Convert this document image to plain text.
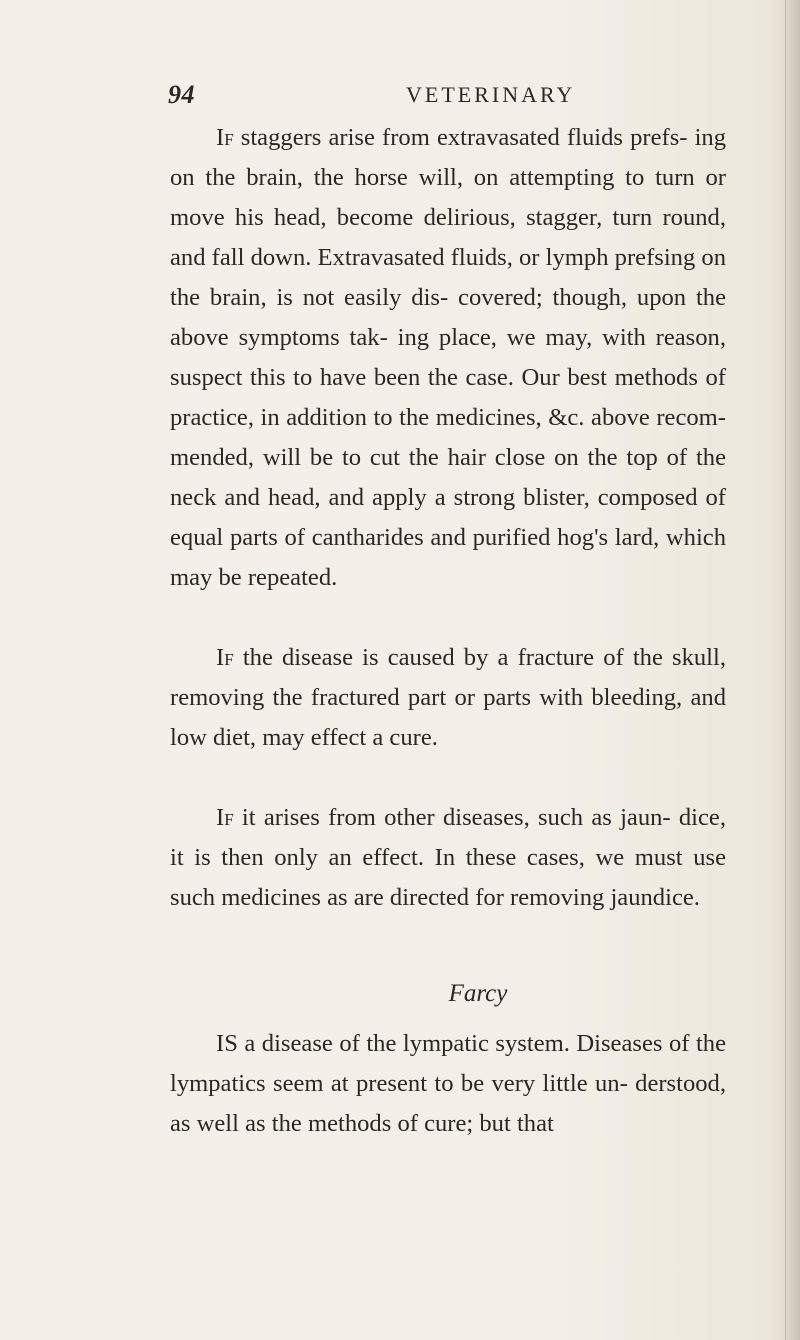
94	VETERINARY

If staggers arise from extravasated fluids prefs- ing on the brain, the horse will, on attempting to turn or move his head, become delirious, stagger, turn round, and fall down. Extravasated fluids, or lymph prefsing on the brain, is not easily dis- covered; though, upon the above symptoms tak- ing place, we may, with reason, suspect this to have been the case. Our best methods of practice, in addition to the medicines, &c. above recom- mended, will be to cut the hair close on the top of the neck and head, and apply a strong blister, composed of equal parts of cantharides and purified hog's lard, which may be repeated.

If the disease is caused by a fracture of the skull, removing the fractured part or parts with bleeding, and low diet, may effect a cure.

If it arises from other diseases, such as jaun- dice, it is then only an effect. In these cases, we must use such medicines as are directed for removing jaundice.

Farcy

IS a disease of the lympatic system. Diseases of the lympatics seem at present to be very little un- derstood, as well as the methods of cure; but that
